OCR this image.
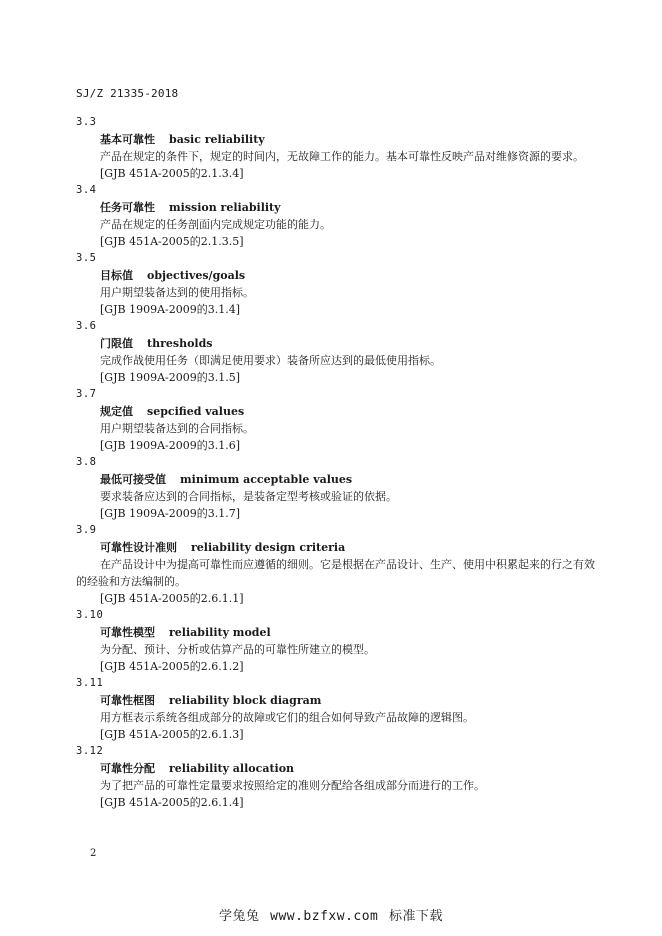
SJ/Z 21335-2018
3.3
基本可靠性 basic reliability
产品在规定的条件下，规定的时间内，无故障工作的能力。基本可靠性反映产品对维修资源的要求。
[GJB 451A-2005的2.1.3.4]
3.4
任务可靠性 mission reliability
产品在规定的任务剖面内完成规定功能的能力。
[GJB 451A-2005的2.1.3.5]
3.5
目标值 objectives/goals
用户期望装备达到的使用指标。
[GJB 1909A-2009的3.1.4]
3.6
门限值 thresholds
完成作战使用任务（即满足使用要求）装备所应达到的最低使用指标。
[GJB 1909A-2009的3.1.5]
3.7
规定值 sepcified values
用户期望装备达到的合同指标。
[GJB 1909A-2009的3.1.6]
3.8
最低可接受值 minimum acceptable values
要求装备应达到的合同指标，是装备定型考核或验证的依据。
[GJB 1909A-2009的3.1.7]
3.9
可靠性设计准则 reliability design criteria
在产品设计中为提高可靠性而应遵循的细则。它是根据在产品设计、生产、使用中积累起来的行之有效的经验和方法编制的。
[GJB 451A-2005的2.6.1.1]
3.10
可靠性模型 reliability model
为分配、预计、分析或估算产品的可靠性所建立的模型。
[GJB 451A-2005的2.6.1.2]
3.11
可靠性框图 reliability block diagram
用方框表示系统各组成部分的故障或它们的组合如何导致产品故障的逻辑图。
[GJB 451A-2005的2.6.1.3]
3.12
可靠性分配 reliability allocation
为了把产品的可靠性定量要求按照给定的准则分配给各组成部分而进行的工作。
[GJB 451A-2005的2.6.1.4]
2
学兔兔 www.bzfxw.com 标准下载
